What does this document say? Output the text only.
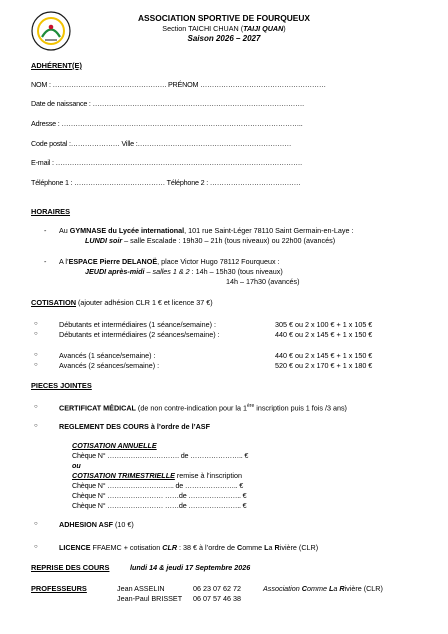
ASSOCIATION SPORTIVE DE FOURQUEUX
Section TAICHI CHUAN (TAIJI QUAN)
Saison 2026 – 2027
ADHÉRENT(E)
NOM : …………………………………………. PRÉNOM ………………………………………………
Date de naissance : ……………………………………………………………………………….
Adresse : …………………………………………………………………………………………..
Code postal :………………… Ville :…………………………………………………………
E-mail : …………………………………………………………………………………………….
Téléphone 1 : ………………………………… Téléphone 2 : …………………………………
HORAIRES
- Au GYMNASE du Lycée international, 101 rue Saint-Léger 78110 Saint Germain-en-Laye :
LUNDI soir – salle Escalade : 19h30 – 21h (tous niveaux) ou 22h00 (avancés)
- A l’ESPACE Pierre DELANOË, place Victor Hugo 78112 Fourqueux :
JEUDI après-midi – salles 1 & 2 : 14h – 15h30 (tous niveaux)
14h – 17h30 (avancés)
COTISATION (ajouter adhésion CLR 1 € et licence 37 €)
○	Débutants et intermédiaires (1 séance/semaine) :	305 € ou 2 x 100 € + 1 x 105 €
○	Débutants et intermédiaires (2 séances/semaine) :	440 € ou 2 x 145 € + 1 x 150 €
○	Avancés (1 séance/semaine) :	440 € ou 2 x 145 € + 1 x 150 €
○	Avancés (2 séances/semaine) :	520 € ou 2 x 170 € + 1 x 180 €
PIECES JOINTES
○	CERTIFICAT MÉDICAL (de non contre-indication pour la 1ère inscription puis 1 fois /3 ans)
○	REGLEMENT DES COURS à l’ordre de l’ASF
COTISATION ANNUELLE
Chèque N° …………………………. de ………………….. €
ou
COTISATION TRIMESTRIELLE remise à l’inscription
Chèque N° ……………………….. de ………………….. €
Chèque N° …………………… ……de ………………….. €
Chèque N° …………………… ……de ………………….. €
○	ADHESION ASF (10 €)
○	LICENCE FFAEMC + cotisation CLR : 38 € à l’ordre de Comme La Rivière (CLR)
REPRISE DES COURS	lundi 14 & jeudi 17 Septembre 2026
PROFESSEURS	Jean ASSELIN	06 23 07 62 72
Jean-Paul BRISSET 06 07 57 46 38
Association Comme La Rivière (CLR)
